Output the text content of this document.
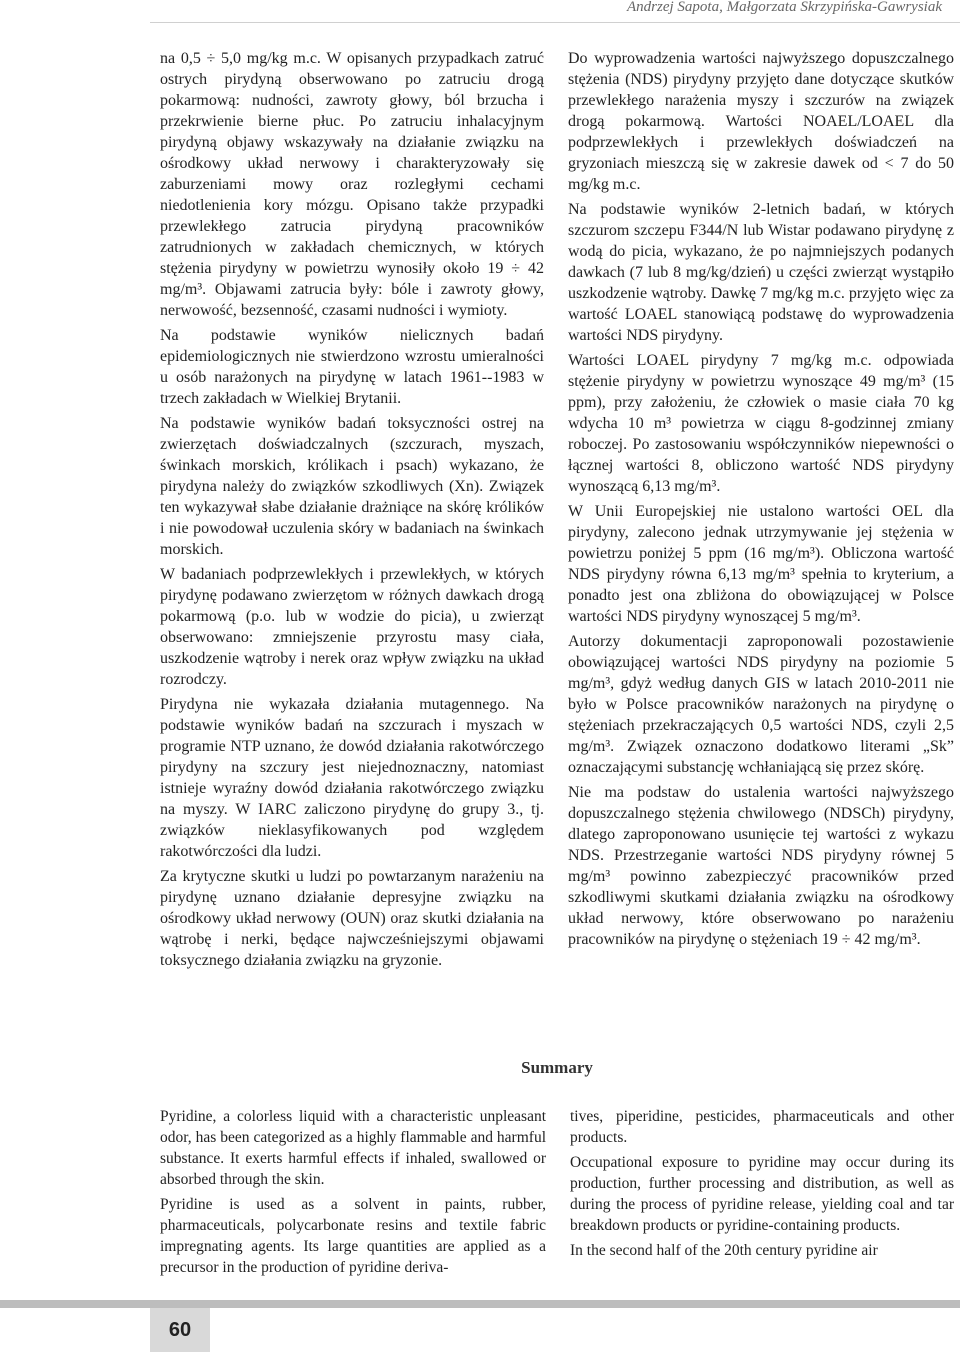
Andrzej Sapota, Małgorzata Skrzypińska-Gawrysiak

na 0,5 ÷ 5,0 mg/kg m.c. W opisanych przypadkach zatruć ostrych pirydyną obserwowano po zatruciu drogą pokarmową: nudności, zawroty głowy, ból brzucha i przekrwienie bierne płuc. Po zatruciu inhalacyjnym pirydyną objawy wskazywały na działanie związku na ośrodkowy układ nerwowy i charakteryzowały się zaburzeniami mowy oraz rozległymi cechami niedotlenienia kory mózgu. Opisano także przypadki przewlekłego zatrucia pirydyną pracowników zatrudnionych w zakładach chemicznych, w których stężenia pirydyny w powietrzu wynosiły około 19 ÷ 42 mg/m³. Objawami zatrucia były: bóle i zawroty głowy, nerwowość, bezsenność, czasami nudności i wymioty.

Na podstawie wyników nielicznych badań epidemiologicznych nie stwierdzono wzrostu umieralności u osób narażonych na pirydynę w latach 1961--1983 w trzech zakładach w Wielkiej Brytanii.

Na podstawie wyników badań toksyczności ostrej na zwierzętach doświadczalnych (szczurach, myszach, świnkach morskich, królikach i psach) wykazano, że pirydyna należy do związków szkodliwych (Xn). Związek ten wykazywał słabe działanie drażniące na skórę królików i nie powodował uczulenia skóry w badaniach na świnkach morskich.

W badaniach podprzewlekłych i przewlekłych, w których pirydynę podawano zwierzętom w różnych dawkach drogą pokarmową (p.o. lub w wodzie do picia), u zwierząt obserwowano: zmniejszenie przyrostu masy ciała, uszkodzenie wątroby i nerek oraz wpływ związku na układ rozrodczy.

Pirydyna nie wykazała działania mutagennego. Na podstawie wyników badań na szczurach i myszach w programie NTP uznano, że dowód działania rakotwórczego pirydyny na szczury jest niejednoznaczny, natomiast istnieje wyraźny dowód działania rakotwórczego związku na myszy. W IARC zaliczono pirydynę do grupy 3., tj. związków nieklasyfikowanych pod względem rakotwórczości dla ludzi.

Za krytyczne skutki u ludzi po powtarzanym narażeniu na pirydynę uznano działanie depresyjne związku na ośrodkowy układ nerwowy (OUN) oraz skutki działania na wątrobę i nerki, będące najwcześniejszymi objawami toksycznego działania związku na gryzonie.

Do wyprowadzenia wartości najwyższego dopuszczalnego stężenia (NDS) pirydyny przyjęto dane dotyczące skutków przewlekłego narażenia myszy i szczurów na związek drogą pokarmową. Wartości NOAEL/LOAEL dla podprzewlekłych i przewlekłych doświadczeń na gryzoniach mieszczą się w zakresie dawek od < 7 do 50 mg/kg m.c.

Na podstawie wyników 2-letnich badań, w których szczurom szczepu F344/N lub Wistar podawano pirydynę z wodą do picia, wykazano, że po najmniejszych podanych dawkach (7 lub 8 mg/kg/dzień) u części zwierząt wystąpiło uszkodzenie wątroby. Dawkę 7 mg/kg m.c. przyjęto więc za wartość LOAEL stanowiącą podstawę do wyprowadzenia wartości NDS pirydyny.

Wartości LOAEL pirydyny 7 mg/kg m.c. odpowiada stężenie pirydyny w powietrzu wynoszące 49 mg/m³ (15 ppm), przy założeniu, że człowiek o masie ciała 70 kg wdycha 10 m³ powietrza w ciągu 8-godzinnej zmiany roboczej. Po zastosowaniu współczynników niepewności o łącznej wartości 8, obliczono wartość NDS pirydyny wynoszącą 6,13 mg/m³.

W Unii Europejskiej nie ustalono wartości OEL dla pirydyny, zalecono jednak utrzymywanie jej stężenia w powietrzu poniżej 5 ppm (16 mg/m³). Obliczona wartość NDS pirydyny równa 6,13 mg/m³ spełnia to kryterium, a ponadto jest ona zbliżona do obowiązującej w Polsce wartości NDS pirydyny wynoszącej 5 mg/m³.

Autorzy dokumentacji zaproponowali pozostawienie obowiązującej wartości NDS pirydyny na poziomie 5 mg/m³, gdyż według danych GIS w latach 2010-2011 nie było w Polsce pracowników narażonych na pirydynę o stężeniach przekraczających 0,5 wartości NDS, czyli 2,5 mg/m³. Związek oznaczono dodatkowo literami „Sk” oznaczającymi substancję wchłaniającą się przez skórę.

Nie ma podstaw do ustalenia wartości najwyższego dopuszczalnego stężenia chwilowego (NDSCh) pirydyny, dlatego zaproponowano usunięcie tej wartości z wykazu NDS. Przestrzeganie wartości NDS pirydyny równej 5 mg/m³ powinno zabezpieczyć pracowników przed szkodliwymi skutkami działania związku na ośrodkowy układ nerwowy, które obserwowano po narażeniu pracowników na pirydynę o stężeniach 19 ÷ 42 mg/m³.

Summary

Pyridine, a colorless liquid with a characteristic unpleasant odor, has been categorized as a highly flammable and harmful substance. It exerts harmful effects if inhaled, swallowed or absorbed through the skin.

Pyridine is used as a solvent in paints, rubber, pharmaceuticals, polycarbonate resins and textile fabric impregnating agents. Its large quantities are applied as a precursor in the production of pyridine deriva-

tives, piperidine, pesticides, pharmaceuticals and other products.

Occupational exposure to pyridine may occur during its production, further processing and distribution, as well as during the process of pyridine release, yielding coal and tar breakdown products or pyridine-containing products.

In the second half of the 20th century pyridine air

60
